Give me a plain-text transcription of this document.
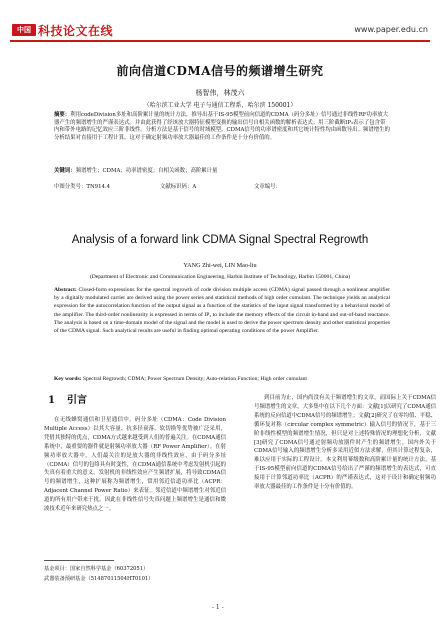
中国 科技论文在线	www.paper.edu.cn
前向信道CDMA信号的频谱增生研究
杨智伟，林茂六
（哈尔滨工业大学 电子与通信工程系，哈尔滨 150001）
摘要：利用codeDivision多址和高阶累计量的统计方法，推导出基于IS-95模型前向信道的CDMA（码分多址）信号通过非线性RF功率放大器产生的频谱增生的严谨表达式。并由此获得了经该放大器特征模型变换的输出信号自相关函数的解析表达式；用三阶截断IP₃表示了包含带内和带外电路的记忆效应三阶非线性。分析方法是基于信号的时域模型，CDMA信号的功率谱密度和其它统计特性均由函数导出。频谱增生的分析结果对直接用于工程计算，这对于确定射频功率放大器最佳的工作条件是十分有价值的。
关键词：频谱增生；CDMA；功率谱密度；自相关函数；高阶累计量
中图分类号：TN914.4	文献标识码：A	文章编号：
Analysis of a forward link CDMA Signal Spectral Regrowth
YANG Zhi-wei, LIN Mao-liu
(Department of Electronic and Communication Engineering, Harbin Institute of Technology, Harbin 150001, China)
Abstract: Closed-form expressions for the spectral regrowth of code division multiple access (CDMA) signal passed through a nonlinear amplifier by a digitally modulated carrier are derived using the power series and statistical methods of high order cumulant. The technique yields an analytical expression for the autocorrelation function of the output signal as a function of the statistics of the input signal transformed by a behavioral model of the amplifier. The third-order nonlinearity is expressed in terms of IP₃ to include the memory effects of the circuit in-band and out-of-band reactance. The analysis is based on a time-domain model of the signal and the model is used to derive the power spectrum density and other statistical properties of the CDMA signal. Such analytical results are useful in finding optimal operating conditions of the power Amplifier.
Key words: Spectral Regrowth; CDMA; Power Spectrum Density; Auto-relation Function; High order cumulant
1 引言

在无线蜂窝通信和卫星通信中，码分多址（CDMA：Code Division Multiple Access）以其大容量、抗多径衰落、软切换等优势被广泛采用，凭借其独特的优点，CDMA方式越来越受到人们的普遍关注。在CDMA通信系统中，最重要的器件就是射频功率放大器（RF Power Amplifier）。在射频功率放大器中，人们最关注的是放大器的非线性效应，由于码分多址（CDMA）信号的包络具有时变性，在CDMA通信系统中考虑发射机引起的失真有着重大的意义。发射机的非线性效应产生频谱扩展，将导致CDMA信号的频谱增生，这种扩展称为频谱增生，常用邻近信道功率比（ACPR：Adjacent Channel Power Ratio）来表征。邻近信道中频谱增生对邻近信道的所有用户带来干扰，因此在非线性信号失真问题上频谱增生是通信和微波技术近年来研究热点之一。

到目前为止，国内尚没有关于频谱增生的文章，而国际上关于CDMA信号频谱增生的文章，大多集中在以下几个方面：文献[1]以研究了CDMA通信系统的反向信道中CDMA信号的频谱增生；文献[2]研究了在零均值、平稳、循环复对称（circular complex symmetric）输入信号的情况下，基于三阶非线性模型的频谱增生情况，但只是对上述特殊情况的理想化分析，文献[3]研究了CDMA信号通过射频功放器件时产生的频谱增生。国内外关于CDMA信号输入的频谱增生分析多采用近似方法求解，但其计算过程复杂，难以应用于实际的工程设计。本文利用幂级数和高阶累计量的统计方法，基于IS-95模型前向信道的CDMA信号给出了严谨的频谱增生的表达式，可直接用于计算邻道功率比（ACPR）的严谨表达式，这对于设计和确定射频功率放大器最佳的工作条件是十分有价值的。

基金项目：国家自然科学基金（60372051）
武器装备预研基金（51487011504HT0101）
- 1 -
